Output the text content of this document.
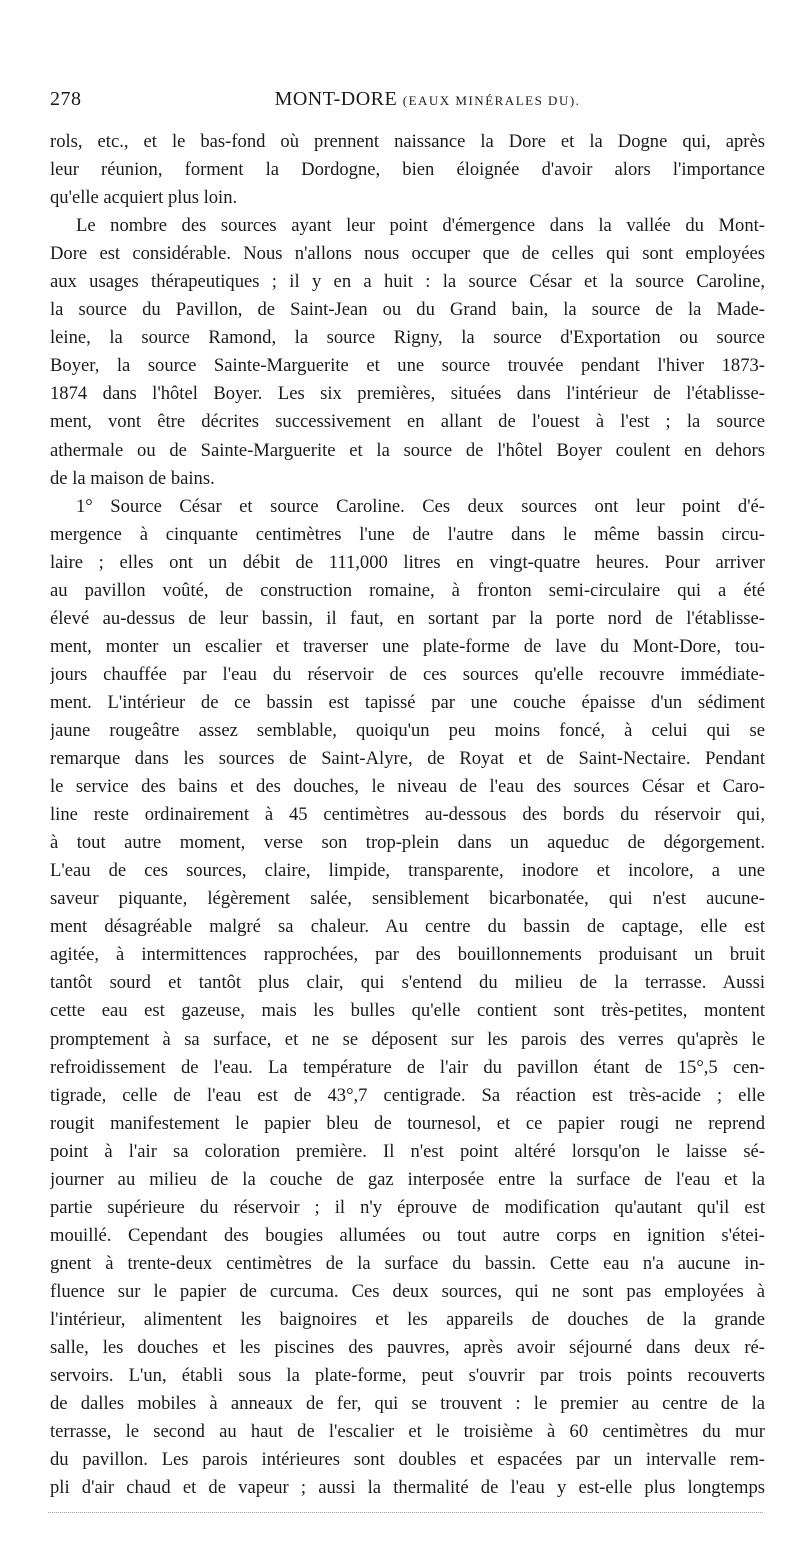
278	MONT-DORE (EAUX MINÉRALES DU).
rols, etc., et le bas-fond où prennent naissance la Dore et la Dogne qui, après
leur réunion, forment la Dordogne, bien éloignée d'avoir alors l'importance
qu'elle acquiert plus loin.
Le nombre des sources ayant leur point d'émergence dans la vallée du Mont-
Dore est considérable. Nous n'allons nous occuper que de celles qui sont employées
aux usages thérapeutiques ; il y en a huit : la source César et la source Caroline,
la source du Pavillon, de Saint-Jean ou du Grand bain, la source de la Made-
leine, la source Ramond, la source Rigny, la source d'Exportation ou source
Boyer, la source Sainte-Marguerite et une source trouvée pendant l'hiver 1873-
1874 dans l'hôtel Boyer. Les six premières, situées dans l'intérieur de l'établisse-
ment, vont être décrites successivement en allant de l'ouest à l'est ; la source
athermale ou de Sainte-Marguerite et la source de l'hôtel Boyer coulent en dehors
de la maison de bains.
1° Source César et source Caroline. Ces deux sources ont leur point d'é-
mergence à cinquante centimètres l'une de l'autre dans le même bassin circu-
laire ; elles ont un débit de 111,000 litres en vingt-quatre heures. Pour arriver
au pavillon voûté, de construction romaine, à fronton semi-circulaire qui a été
élevé au-dessus de leur bassin, il faut, en sortant par la porte nord de l'établisse-
ment, monter un escalier et traverser une plate-forme de lave du Mont-Dore, tou-
jours chauffée par l'eau du réservoir de ces sources qu'elle recouvre immédiate-
ment. L'intérieur de ce bassin est tapissé par une couche épaisse d'un sédiment
jaune rougeâtre assez semblable, quoiqu'un peu moins foncé, à celui qui se
remarque dans les sources de Saint-Alyre, de Royat et de Saint-Nectaire. Pendant
le service des bains et des douches, le niveau de l'eau des sources César et Caro-
line reste ordinairement à 45 centimètres au-dessous des bords du réservoir qui,
à tout autre moment, verse son trop-plein dans un aqueduc de dégorgement.
L'eau de ces sources, claire, limpide, transparente, inodore et incolore, a une
saveur piquante, légèrement salée, sensiblement bicarbonatée, qui n'est aucune-
ment désagréable malgré sa chaleur. Au centre du bassin de captage, elle est
agitée, à intermittences rapprochées, par des bouillonnements produisant un bruit
tantôt sourd et tantôt plus clair, qui s'entend du milieu de la terrasse. Aussi
cette eau est gazeuse, mais les bulles qu'elle contient sont très-petites, montent
promptement à sa surface, et ne se déposent sur les parois des verres qu'après le
refroidissement de l'eau. La température de l'air du pavillon étant de 15°,5 cen-
tigrade, celle de l'eau est de 43°,7 centigrade. Sa réaction est très-acide ; elle
rougit manifestement le papier bleu de tournesol, et ce papier rougi ne reprend
point à l'air sa coloration première. Il n'est point altéré lorsqu'on le laisse sé-
journer au milieu de la couche de gaz interposée entre la surface de l'eau et la
partie supérieure du réservoir ; il n'y éprouve de modification qu'autant qu'il est
mouillé. Cependant des bougies allumées ou tout autre corps en ignition s'étei-
gnent à trente-deux centimètres de la surface du bassin. Cette eau n'a aucune in-
fluence sur le papier de curcuma. Ces deux sources, qui ne sont pas employées à
l'intérieur, alimentent les baignoires et les appareils de douches de la grande
salle, les douches et les piscines des pauvres, après avoir séjourné dans deux ré-
servoirs. L'un, établi sous la plate-forme, peut s'ouvrir par trois points recouverts
de dalles mobiles à anneaux de fer, qui se trouvent : le premier au centre de la
terrasse, le second au haut de l'escalier et le troisième à 60 centimètres du mur
du pavillon. Les parois intérieures sont doubles et espacées par un intervalle rem-
pli d'air chaud et de vapeur ; aussi la thermalité de l'eau y est-elle plus longtemps
